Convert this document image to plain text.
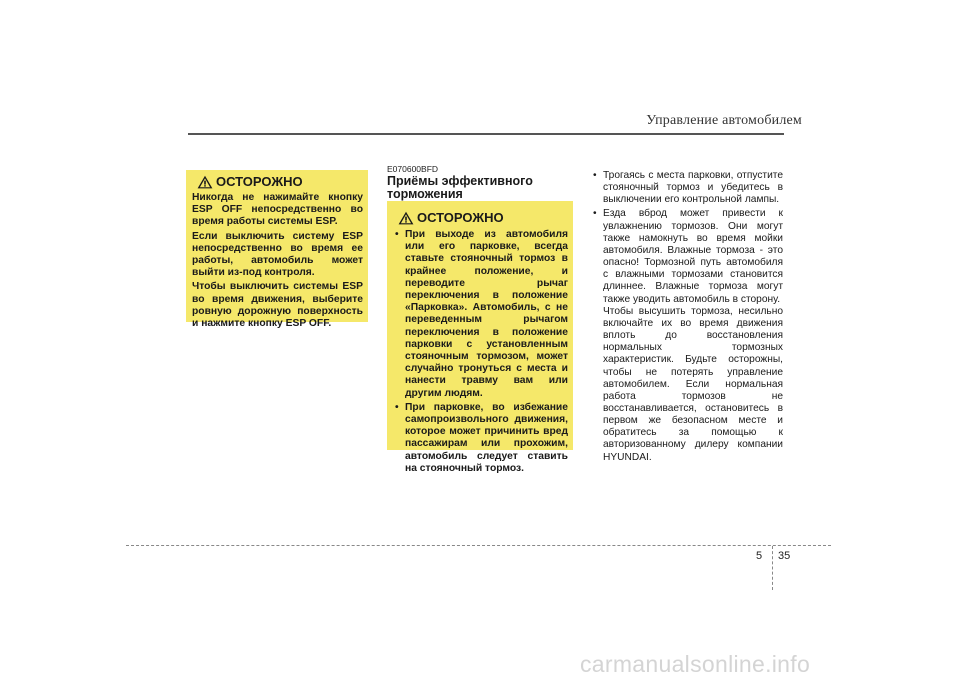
Управление автомобилем
ОСТОРОЖНО

Никогда не нажимайте кнопку ESP OFF непосредственно во время работы системы ESP.

Если выключить систему ESP непосредственно во время ее работы, автомобиль может выйти из-под контроля.

Чтобы выключить системы ESP во время движения, выберите ровную дорожную поверхность и нажмите кнопку ESP OFF.

E070600BFD
Приёмы эффективного торможения
ОСТОРОЖНО
• При выходе из автомобиля или его парковке, всегда ставьте стояночный тормоз в крайнее положение, и переводите рычаг переключения в положение «Парковка». Автомобиль, с не переведенным рычагом переключения в положение парковки с установленным стояночным тормозом, может случайно тронуться с места и нанести травму вам или другим людям.
• При парковке, во избежание самопроизвольного движения, которое может причинить вред пассажирам или прохожим, автомобиль следует ставить на стояночный тормоз.
• Трогаясь с места парковки, отпустите стояночный тормоз и убедитесь в выключении его контрольной лампы.
• Езда вброд может привести к увлажнению тормозов. Они могут также намокнуть во время мойки автомобиля. Влажные тормоза - это опасно! Тормозной путь автомобиля с влажными тормозами становится длиннее. Влажные тормоза могут также уводить автомобиль в сторону.
Чтобы высушить тормоза, несильно включайте их во время движения вплоть до восстановления нормальных тормозных характеристик. Будьте осторожны, чтобы не потерять управление автомобилем. Если нормальная работа тормозов не восстанавливается, остановитесь в первом же безопасном месте и обратитесь за помощью к авторизованному дилеру компании HYUNDAI.
5 35
carmanualsonline.info
